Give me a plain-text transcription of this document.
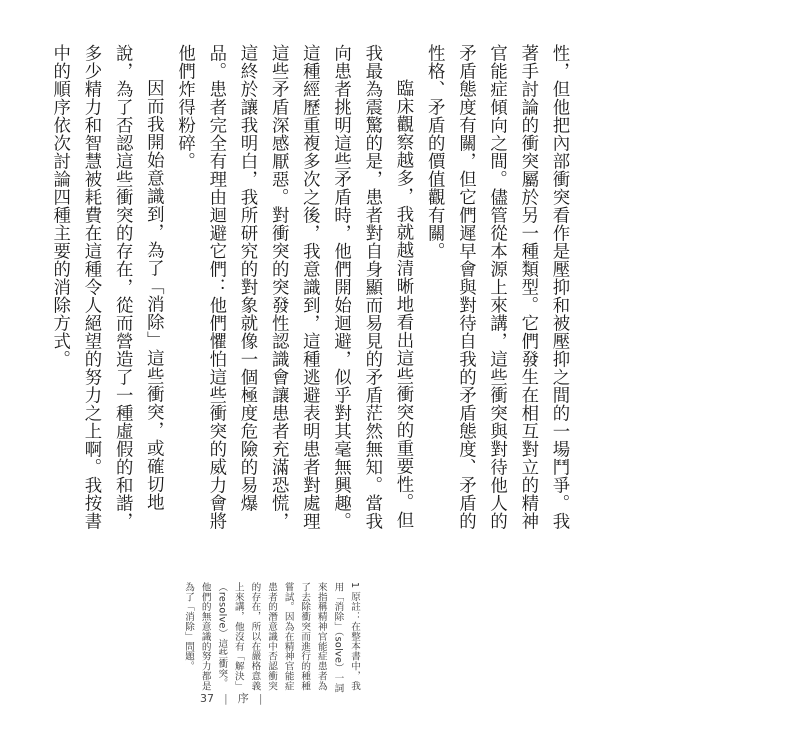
性，但他把內部衝突看作是壓抑和被壓抑之間的一場鬥爭。我著手討論的衝突屬於另一種類型。它們發生在相互對立的精神官能症傾向之間。儘管從本源上來講，這些衝突與對待他人的矛盾態度有關，但它們遲早會與對待自我的矛盾態度、矛盾的性格、矛盾的價值觀有關。

臨床觀察越多，我就越清晰地看出這些衝突的重要性。但我最為震驚的是，患者對自身顯而易見的矛盾茫然無知。當我向患者挑明這些矛盾時，他們開始迴避，似乎對其毫無興趣。這種經歷重複多次之後，我意識到，這種逃避表明患者對處理這些矛盾深感厭惡。對衝突的突發性認識會讓患者充滿恐慌，這終於讓我明白，我所研究的對象就像一個極度危險的易爆品。患者完全有理由迴避它們：他們懼怕這些衝突的威力會將他們炸得粉碎。

因而我開始意識到，為了「消除」這些衝突，或確切地說，為了否認這些衝突的存在，從而營造了一種虛假的和諧，多少精力和智慧被耗費在這種令人絕望的努力之上啊。我按書中的順序依次討論四種主要的消除方式。

1 原註：在整本書中，我用「消除」（solve）一詞來指稱精神官能症患者為了去除衝突而進行的種種嘗試。因為在精神官能症患者的潛意識中否認衝突的存在，所以在嚴格意義上來講，他沒有「解決」（resolve）這些衝突。他們的無意識的努力都是為了「消除」問題。

37 | 序 |
